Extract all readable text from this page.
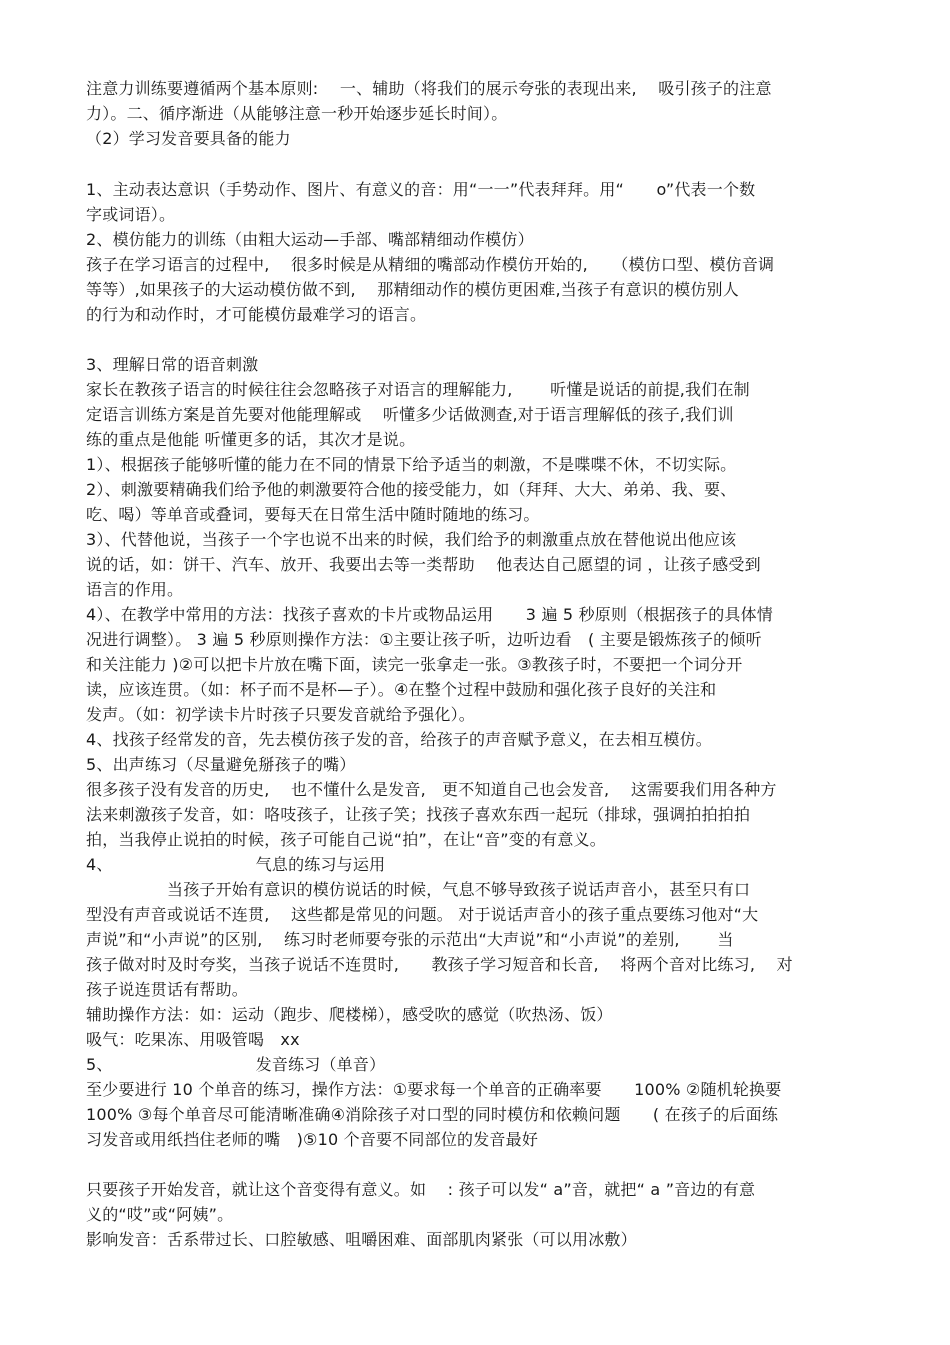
注意力训练要遵循两个基本原则:　 一、辅助（将我们的展示夸张的表现出来,　 吸引孩子的注意
力）。二、循序渐进（从能够注意一秒开始逐步延长时间）。
（2）学习发音要具备的能力
1、主动表达意识（手势动作、图片、有意义的音：用“一一”代表拜拜。用“　　o”代表一个数
字或词语）。
2、模仿能力的训练（由粗大运动—手部、嘴部精细动作模仿）
孩子在学习语言的过程中,　 很多时候是从精细的嘴部动作模仿开始的,　　（模仿口型、模仿音调
等等）,如果孩子的大运动模仿做不到,　 那精细动作的模仿更困难,当孩子有意识的模仿别人
的行为和动作时，才可能模仿最难学习的语言。
3、理解日常的语音刺激
家长在教孩子语言的时候往往会忽略孩子对语言的理解能力,　　 听懂是说话的前提,我们在制
定语言训练方案是首先要对他能理解或　 听懂多少话做测查,对于语言理解低的孩子,我们训
练的重点是他能 听懂更多的话，其次才是说。
1）、根据孩子能够听懂的能力在不同的情景下给予适当的刺激，不是喋喋不休，不切实际。
2）、刺激要精确我们给予他的刺激要符合他的接受能力，如（拜拜、大大、弟弟、我、要、
吃、喝）等单音或叠词，要每天在日常生活中随时随地的练习。
3）、代替他说，当孩子一个字也说不出来的时候，我们给予的刺激重点放在替他说出他应该
说的话，如：饼干、汽车、放开、我要出去等一类帮助　 他表达自己愿望的词 ，让孩子感受到
语言的作用。
4）、在教学中常用的方法：找孩子喜欢的卡片或物品运用　　3 遍 5 秒原则（根据孩子的具体情
况进行调整）。 3 遍 5 秒原则操作方法：①主要让孩子听，边听边看　( 主要是锻炼孩子的倾听
和关注能力 )②可以把卡片放在嘴下面，读完一张拿走一张。③教孩子时，不要把一个词分开
读，应该连贯。（如：杯子而不是杯—子）。④在整个过程中鼓励和强化孩子良好的关注和
发声。（如：初学读卡片时孩子只要发音就给予强化）。
4、找孩子经常发的音，先去模仿孩子发的音，给孩子的声音赋予意义，在去相互模仿。
5、出声练习（尽量避免掰孩子的嘴）
很多孩子没有发音的历史,　 也不懂什么是发音,　更不知道自己也会发音,　 这需要我们用各种方
法来刺激孩子发音，如：咯吱孩子，让孩子笑；找孩子喜欢东西一起玩（排球，强调拍拍拍拍
拍，当我停止说拍的时候，孩子可能自己说“拍”，在让“音”变的有意义。
4、　　　　　　　　　 气息的练习与运用
　　　　　当孩子开始有意识的模仿说话的时候，气息不够导致孩子说话声音小，甚至只有口
型没有声音或说话不连贯,　 这些都是常见的问题。 对于说话声音小的孩子重点要练习他对“大
声说”和“小声说”的区别,　 练习时老师要夸张的示范出“大声说”和“小声说”的差别,　　 当
孩子做对时及时夸奖，当孩子说话不连贯时,　　教孩子学习短音和长音,　 将两个音对比练习,　 对
孩子说连贯话有帮助。
辅助操作方法：如：运动（跑步、爬楼梯），感受吹的感觉（吹热汤、饭）
吸气：吃果冻、用吸管喝　xx
5、　　　　　　　　　 发音练习（单音）
至少要进行 10 个单音的练习，操作方法：①要求每一个单音的正确率要　　100% ②随机轮换要
100% ③每个单音尽可能清晰准确④消除孩子对口型的同时模仿和依赖问题　　( 在孩子的后面练
习发音或用纸挡住老师的嘴　)⑤10 个音要不同部位的发音最好
只要孩子开始发音，就让这个音变得有意义。如　 : 孩子可以发“ a”音，就把“ a ”音边的有意
义的“哎”或“阿姨”。
影响发音：舌系带过长、口腔敏感、咀嚼困难、面部肌肉紧张（可以用冰敷）
